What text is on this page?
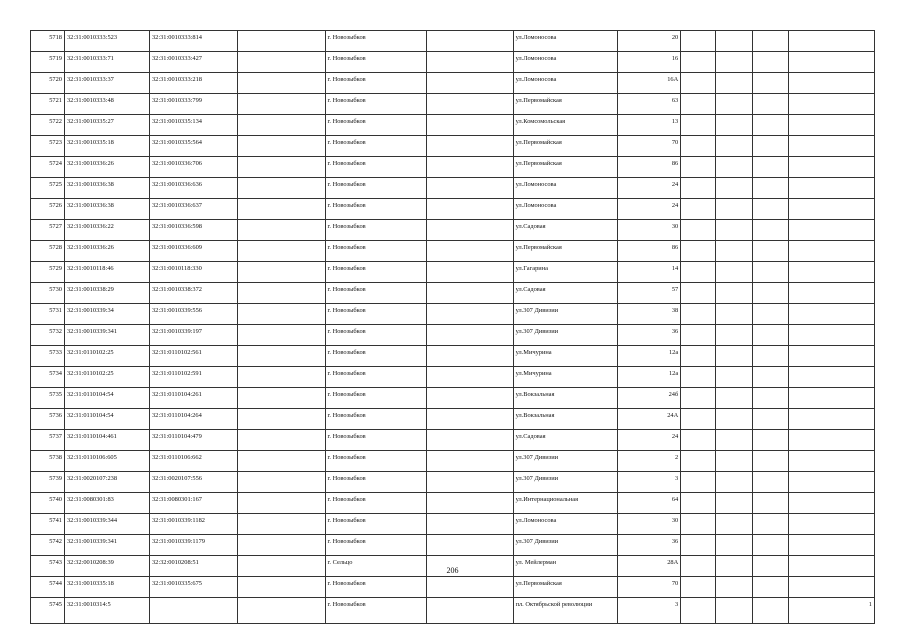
5718	32:31:0010333:523	32:31:0010333:814		г. Новозыбков		ул.Ломоносова	20				
5719	32:31:0010333:71	32:31:0010333:427		г. Новозыбков		ул.Ломоносова	16				
5720	32:31:0010333:37	32:31:0010333:218		г. Новозыбков		ул.Ломоносова	16А				
5721	32:31:0010333:48	32:31:0010333:799		г. Новозыбков		ул.Первомайская	63				
5722	32:31:0010335:27	32:31:0010335:134		г. Новозыбков		ул.Комсомольская	13				
5723	32:31:0010335:18	32:31:0010335:564		г. Новозыбков		ул.Первомайская	70				
5724	32:31:0010336:26	32:31:0010336:706		г. Новозыбков		ул.Первомайская	86				
5725	32:31:0010336:38	32:31:0010336:636		г. Новозыбков		ул.Ломоносова	24				
5726	32:31:0010336:38	32:31:0010336:637		г. Новозыбков		ул.Ломоносова	24				
5727	32:31:0010336:22	32:31:0010336:598		г. Новозыбков		ул.Садовая	30				
5728	32:31:0010336:26	32:31:0010336:609		г. Новозыбков		ул.Первомайская	86				
5729	32:31:0010118:46	32:31:0010118:330		г. Новозыбков		ул.Гагарина	14				
5730	32:31:0010338:29	32:31:0010338:372		г. Новозыбков		ул.Садовая	57				
5731	32:31:0010339:34	32:31:0010339:556		г. Новозыбков		ул.307 Дивизии	38				
5732	32:31:0010339:341	32:31:0010339:197		г. Новозыбков		ул.307 Дивизии	36				
5733	32:31:0110102:25	32:31:0110102:561		г. Новозыбков		ул.Мичурина	12а				
5734	32:31:0110102:25	32:31:0110102:591		г. Новозыбков		ул.Мичурина	12а				
5735	32:31:0110104:54	32:31:0110104:261		г. Новозыбков		ул.Вокзальная	24б				
5736	32:31:0110104:54	32:31:0110104:264		г. Новозыбков		ул.Вокзальная	24А				
5737	32:31:0110104:461	32:31:0110104:479		г. Новозыбков		ул.Садовая	24				
5738	32:31:0110106:605	32:31:0110106:662		г. Новозыбков		ул.307 Дивизии	2				
5739	32:31:0020107:238	32:31:0020107:556		г. Новозыбков		ул.307 Дивизии	3				
5740	32:31:0080301:83	32:31:0080301:167		г. Новозыбков		ул.Интернациональная	64				
5741	32:31:0010339:344	32:31:0010339:1182		г. Новозыбков		ул.Ломоносова	30				
5742	32:31:0010339:341	32:31:0010339:1179		г. Новозыбков		ул.307 Дивизии	36				
5743	32:32:0010208:39	32:32:0010208:51		г. Сельцо		ул. Мейлерман	28А				
5744	32:31:0010335:18	32:31:0010335:675		г. Новозыбков		ул.Первомайская	70				
5745	32:31:0010314:5			г. Новозыбков		пл. Октябрьской революции	3				1
206
